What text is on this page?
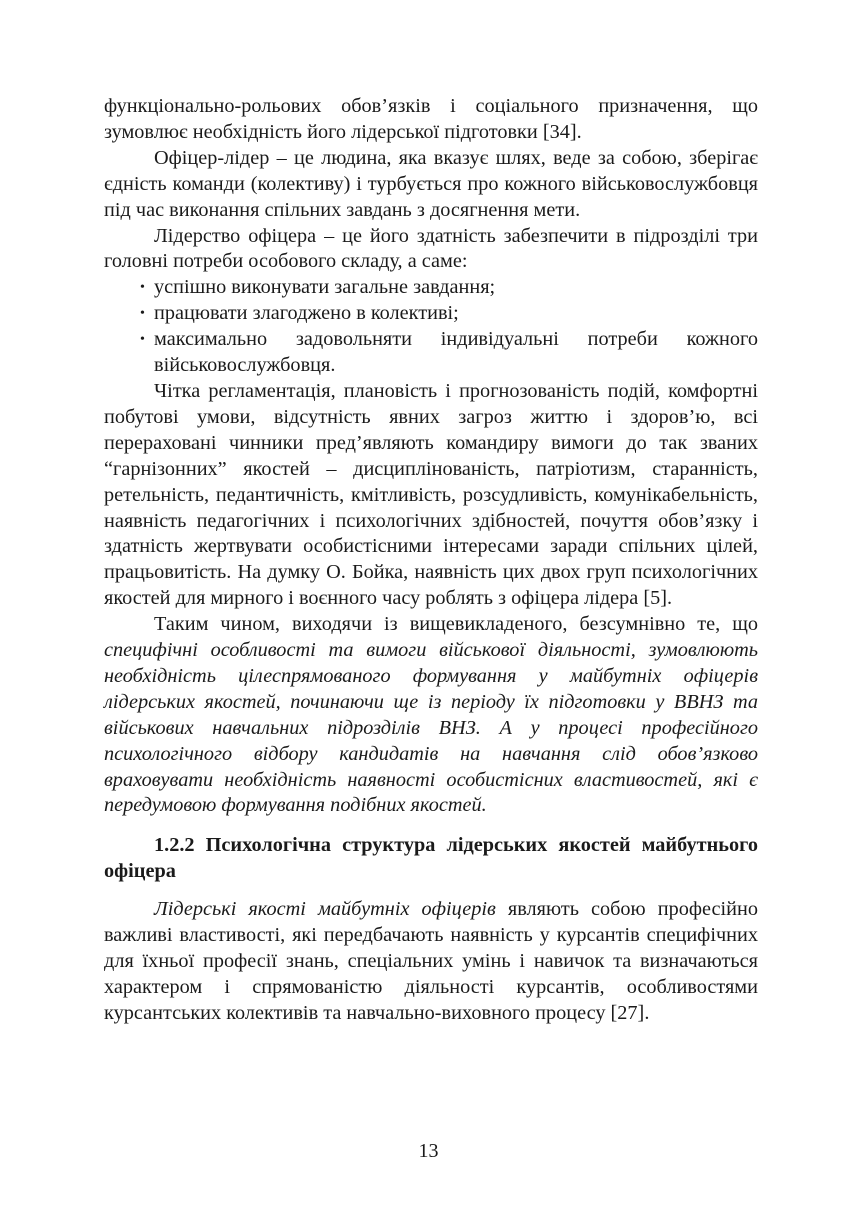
функціонально-рольових обов’язків і соціального призначення, що зумовлює необхідність його лідерської підготовки [34].

Офіцер-лідер – це людина, яка вказує шлях, веде за собою, зберігає єдність команди (колективу) і турбується про кожного військовослужбовця під час виконання спільних завдань з досягнення мети.

Лідерство офіцера – це його здатність забезпечити в підрозділі три головні потреби особового складу, а саме:

• успішно виконувати загальне завдання;
• працювати злагоджено в колективі;
• максимально задовольняти індивідуальні потреби кожного військовослужбовця.

Чітка регламентація, плановість і прогнозованість подій, комфортні побутові умови, відсутність явних загроз життю і здоров’ю, всі перераховані чинники пред’являють командиру вимоги до так званих “гарнізонних” якостей – дисциплінованість, патріотизм, старанність, ретельність, педантичність, кмітливість, розсудливість, комунікабельність, наявність педагогічних і психологічних здібностей, почуття обов’язку і здатність жертвувати особистісними інтересами заради спільних цілей, працьовитість. На думку О. Бойка, наявність цих двох груп психологічних якостей для мирного і воєнного часу роблять з офіцера лідера [5].

Таким чином, виходячи із вищевикладеного, безсумнівно те, що специфічні особливості та вимоги військової діяльності, зумовлюють необхідність цілеспрямованого формування у майбутніх офіцерів лідерських якостей, починаючи ще із періоду їх підготовки у ВВНЗ та військових навчальних підрозділів ВНЗ. А у процесі професійного психологічного відбору кандидатів на навчання слід обов’язково враховувати необхідність наявності особистісних властивостей, які є передумовою формування подібних якостей.

1.2.2 Психологічна структура лідерських якостей майбутнього офіцера

Лідерські якості майбутніх офіцерів являють собою професійно важливі властивості, які передбачають наявність у курсантів специфічних для їхньої професії знань, спеціальних умінь і навичок та визначаються характером і спрямованістю діяльності курсантів, особливостями курсантських колективів та навчально-виховного процесу [27].

13
